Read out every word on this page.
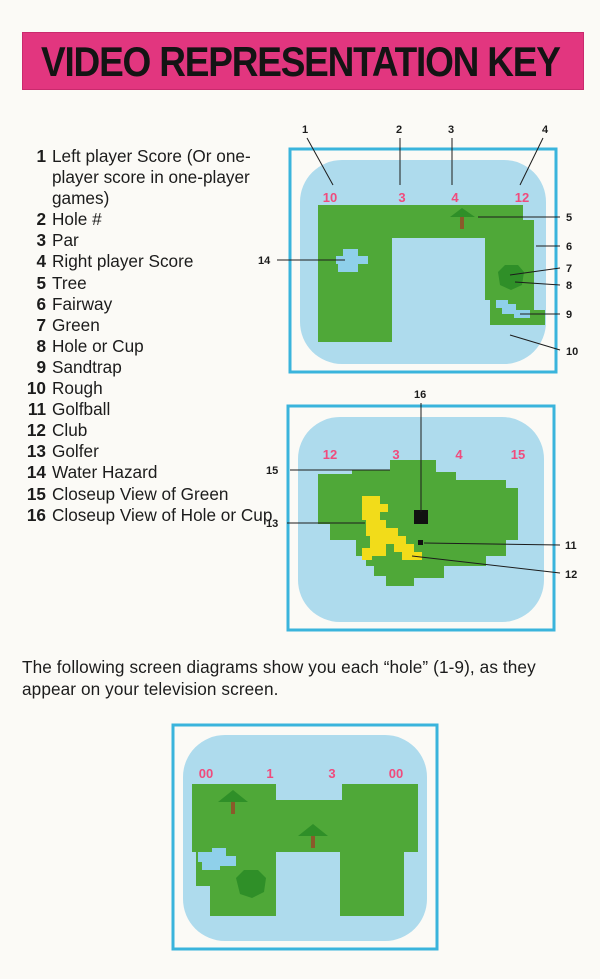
VIDEO REPRESENTATION KEY
1 Left player Score (Or one-player score in one-player games)
2 Hole #
3 Par
4 Right player Score
5 Tree
6 Fairway
7 Green
8 Hole or Cup
9 Sandtrap
10 Rough
11 Golfball
12 Club
13 Golfer
14 Water Hazard
15 Closeup View of Green
16 Closeup View of Hole or Cup
10	3	4	12
1	2	3	4
5
6
7
8
9
10
14
12	3	4	15
16
15
13
11
12

The following screen diagrams show you each “hole” (1-9), as they appear on your television screen.

00	1	3	00
